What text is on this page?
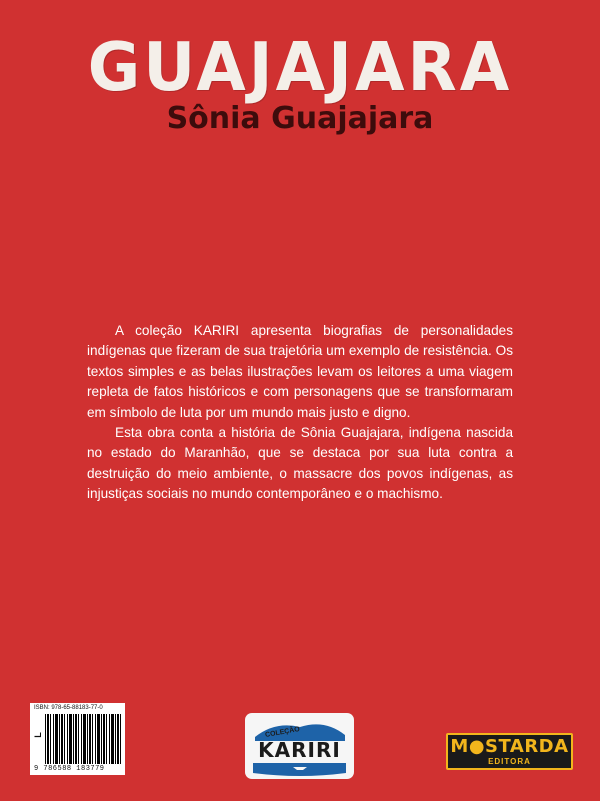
GUAJAJARA
Sônia Guajajara

A coleção KARIRI apresenta biografias de personalidades indígenas que fizeram de sua trajetória um exemplo de resistência. Os textos simples e as belas ilustrações levam os leitores a uma viagem repleta de fatos históricos e com personagens que se transformaram em símbolo de luta por um mundo mais justo e digno.

Esta obra conta a história de Sônia Guajajara, indígena nascida no estado do Maranhão, que se destaca por sua luta contra a destruição do meio ambiente, o massacre dos povos indígenas, as injustiças sociais no mundo contemporâneo e o machismo.

ISBN: 978-65-88183-77-0
L
9 786588 183779
COLEÇÃO
KARIRI	M●STARDA
EDITORA
